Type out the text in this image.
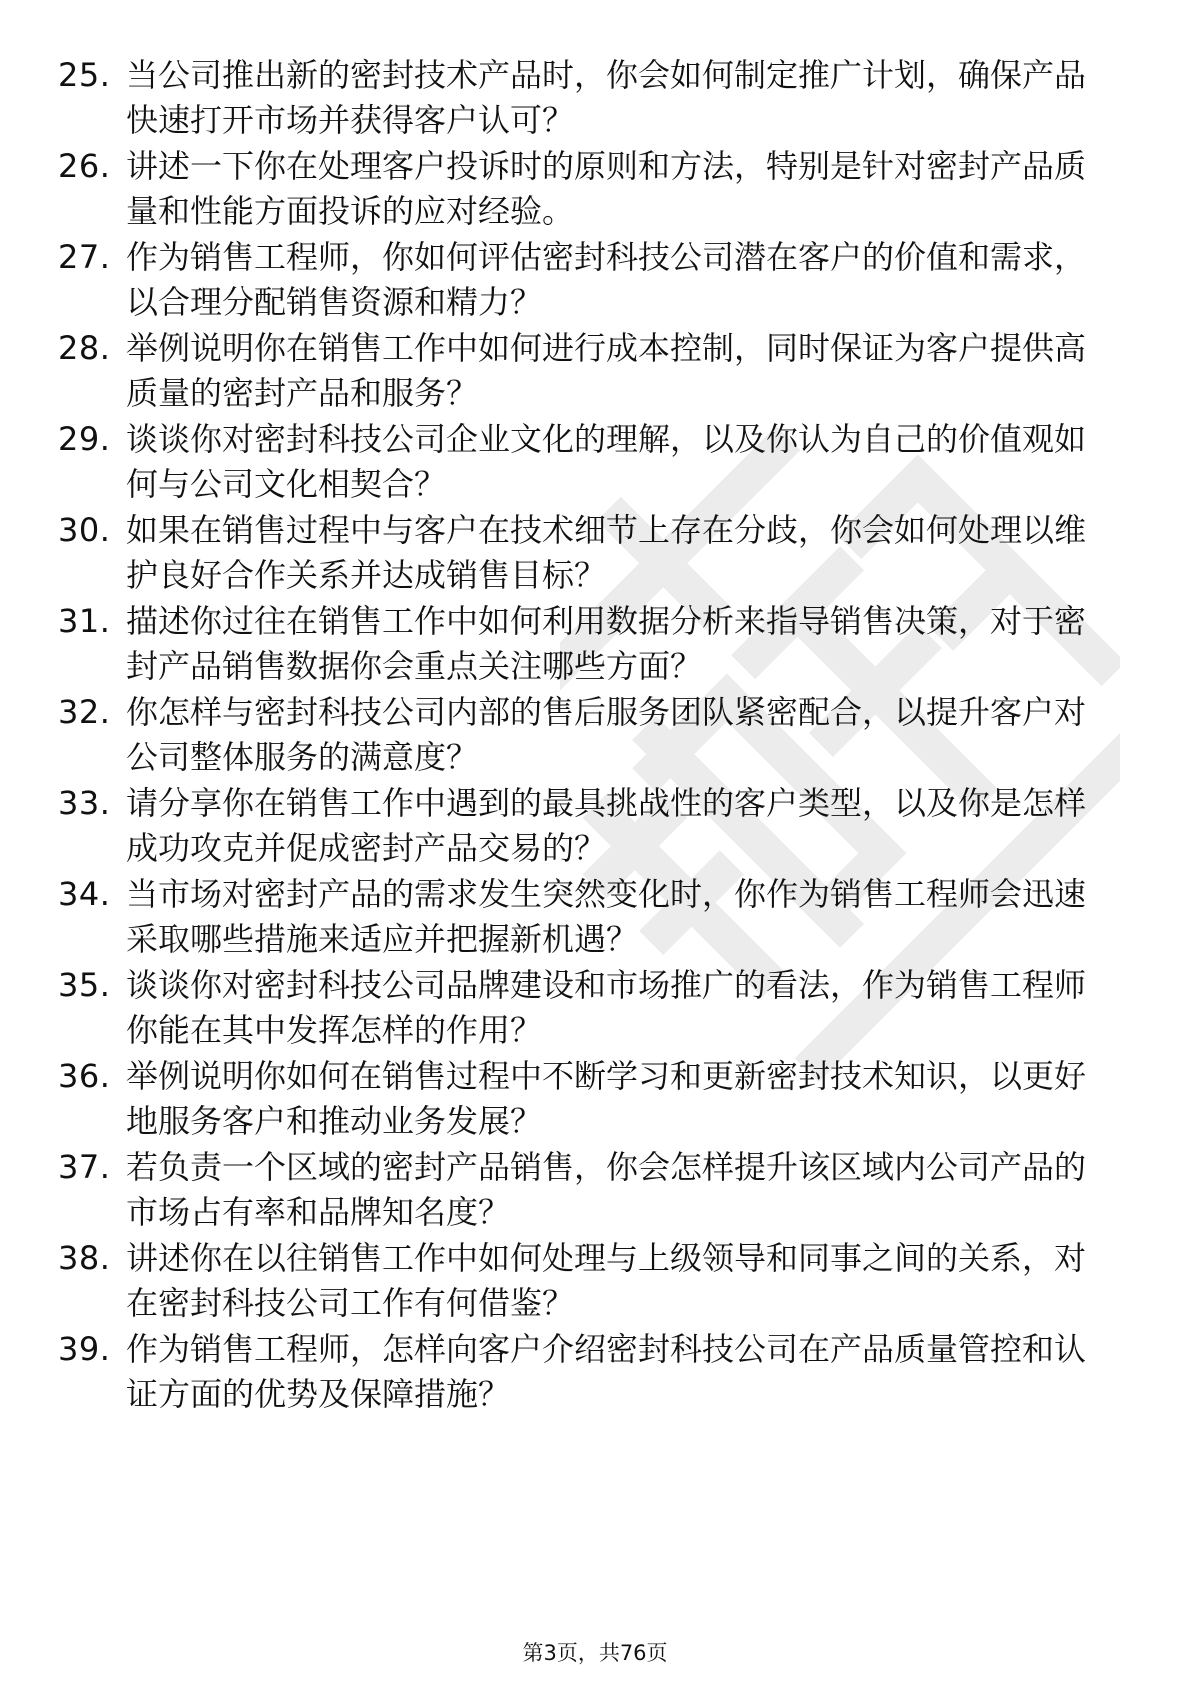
25. 当公司推出新的密封技术产品时，你会如何制定推广计划，确保产品快速打开市场并获得客户认可？
26. 讲述一下你在处理客户投诉时的原则和方法，特别是针对密封产品质量和性能方面投诉的应对经验。
27. 作为销售工程师，你如何评估密封科技公司潜在客户的价值和需求，以合理分配销售资源和精力？
28. 举例说明你在销售工作中如何进行成本控制，同时保证为客户提供高质量的密封产品和服务？
29. 谈谈你对密封科技公司企业文化的理解，以及你认为自己的价值观如何与公司文化相契合？
30. 如果在销售过程中与客户在技术细节上存在分歧，你会如何处理以维护良好合作关系并达成销售目标？
31. 描述你过往在销售工作中如何利用数据分析来指导销售决策，对于密封产品销售数据你会重点关注哪些方面？
32. 你怎样与密封科技公司内部的售后服务团队紧密配合，以提升客户对公司整体服务的满意度？
33. 请分享你在销售工作中遇到的最具挑战性的客户类型，以及你是怎样成功攻克并促成密封产品交易的？
34. 当市场对密封产品的需求发生突然变化时，你作为销售工程师会迅速采取哪些措施来适应并把握新机遇？
35. 谈谈你对密封科技公司品牌建设和市场推广的看法，作为销售工程师你能在其中发挥怎样的作用？
36. 举例说明你如何在销售过程中不断学习和更新密封技术知识，以更好地服务客户和推动业务发展？
37. 若负责一个区域的密封产品销售，你会怎样提升该区域内公司产品的市场占有率和品牌知名度？
38. 讲述你在以往销售工作中如何处理与上级领导和同事之间的关系，对在密封科技公司工作有何借鉴？
39. 作为销售工程师，怎样向客户介绍密封科技公司在产品质量管控和认证方面的优势及保障措施？
第3页，共76页
